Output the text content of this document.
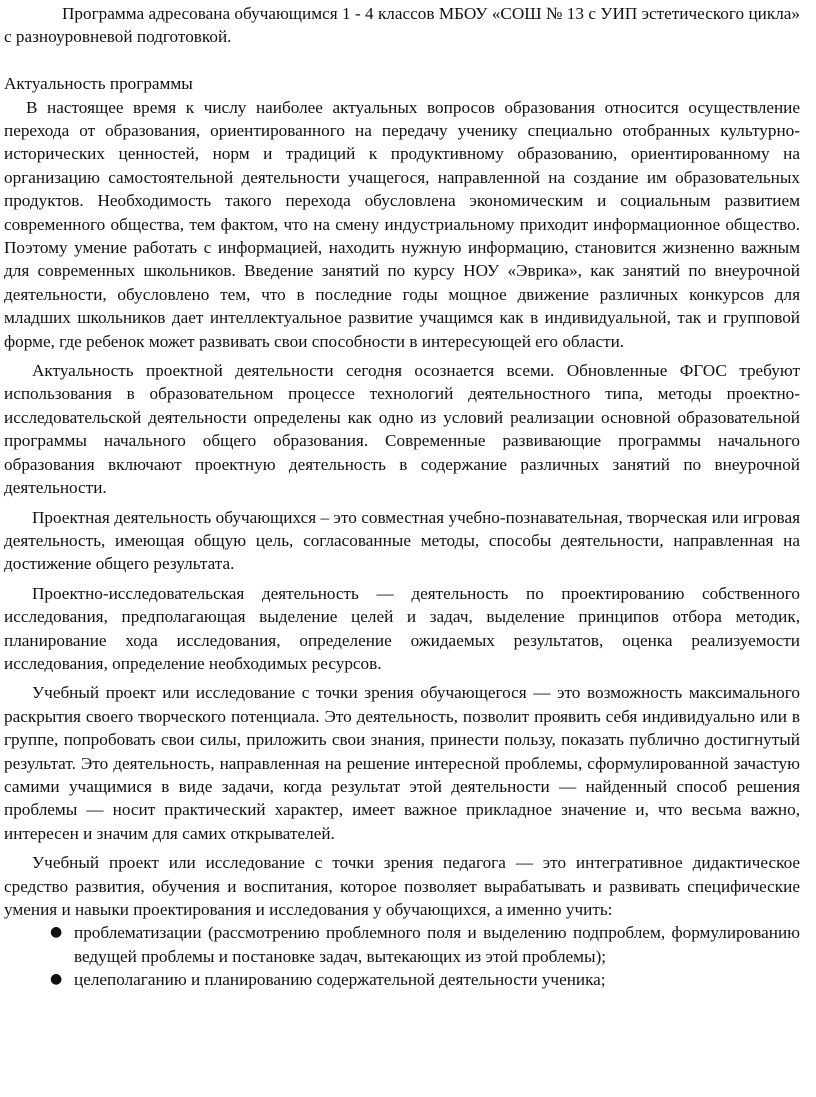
Программа адресована обучающимся 1 - 4 классов МБОУ «СОШ № 13 с УИП эстетического цикла» с разноуровневой подготовкой.

Актуальность программы

В настоящее время к числу наиболее актуальных вопросов образования относится осуществление перехода от образования, ориентированного на передачу ученику специально отобранных культурно-исторических ценностей, норм и традиций к продуктивному образованию, ориентированному на организацию самостоятельной деятельности учащегося, направленной на создание им образовательных продуктов. Необходимость такого перехода обусловлена экономическим и социальным развитием современного общества, тем фактом, что на смену индустриальному приходит информационное общество. Поэтому умение работать с информацией, находить нужную информацию, становится жизненно важным для современных школьников. Введение занятий по курсу НОУ «Эврика», как занятий по внеурочной деятельности, обусловлено тем, что в последние годы мощное движение различных конкурсов для младших школьников дает интеллектуальное развитие учащимся как в индивидуальной, так и групповой форме, где ребенок может развивать свои способности в интересующей его области.

Актуальность проектной деятельности сегодня осознается всеми. Обновленные ФГОС требуют использования в образовательном процессе технологий деятельностного типа, методы проектно-исследовательской деятельности определены как одно из условий реализации основной образовательной программы начального общего образования. Современные развивающие программы начального образования включают проектную деятельность в содержание различных занятий по внеурочной деятельности.

Проектная деятельность обучающихся – это совместная учебно-познавательная, творческая или игровая деятельность, имеющая общую цель, согласованные методы, способы деятельности, направленная на достижение общего результата.

Проектно-исследовательская деятельность — деятельность по проектированию собственного исследования, предполагающая выделение целей и задач, выделение принципов отбора методик, планирование хода исследования, определение ожидаемых результатов, оценка реализуемости исследования, определение необходимых ресурсов.

Учебный проект или исследование с точки зрения обучающегося — это возможность максимального раскрытия своего творческого потенциала. Это деятельность, позволит проявить себя индивидуально или в группе, попробовать свои силы, приложить свои знания, принести пользу, показать публично достигнутый результат. Это деятельность, направленная на решение интересной проблемы, сформулированной зачастую самими учащимися в виде задачи, когда результат этой деятельности — найденный способ решения проблемы — носит практический характер, имеет важное прикладное значение и, что весьма важно, интересен и значим для самих открывателей.

Учебный проект или исследование с точки зрения педагога — это интегративное дидактическое средство развития, обучения и воспитания, которое позволяет вырабатывать и развивать специфические умения и навыки проектирования и исследования у обучающихся, а именно учить:

● проблематизации (рассмотрению проблемного поля и выделению подпроблем, формулированию ведущей проблемы и постановке задач, вытекающих из этой проблемы);
● целеполаганию и планированию содержательной деятельности ученика;
